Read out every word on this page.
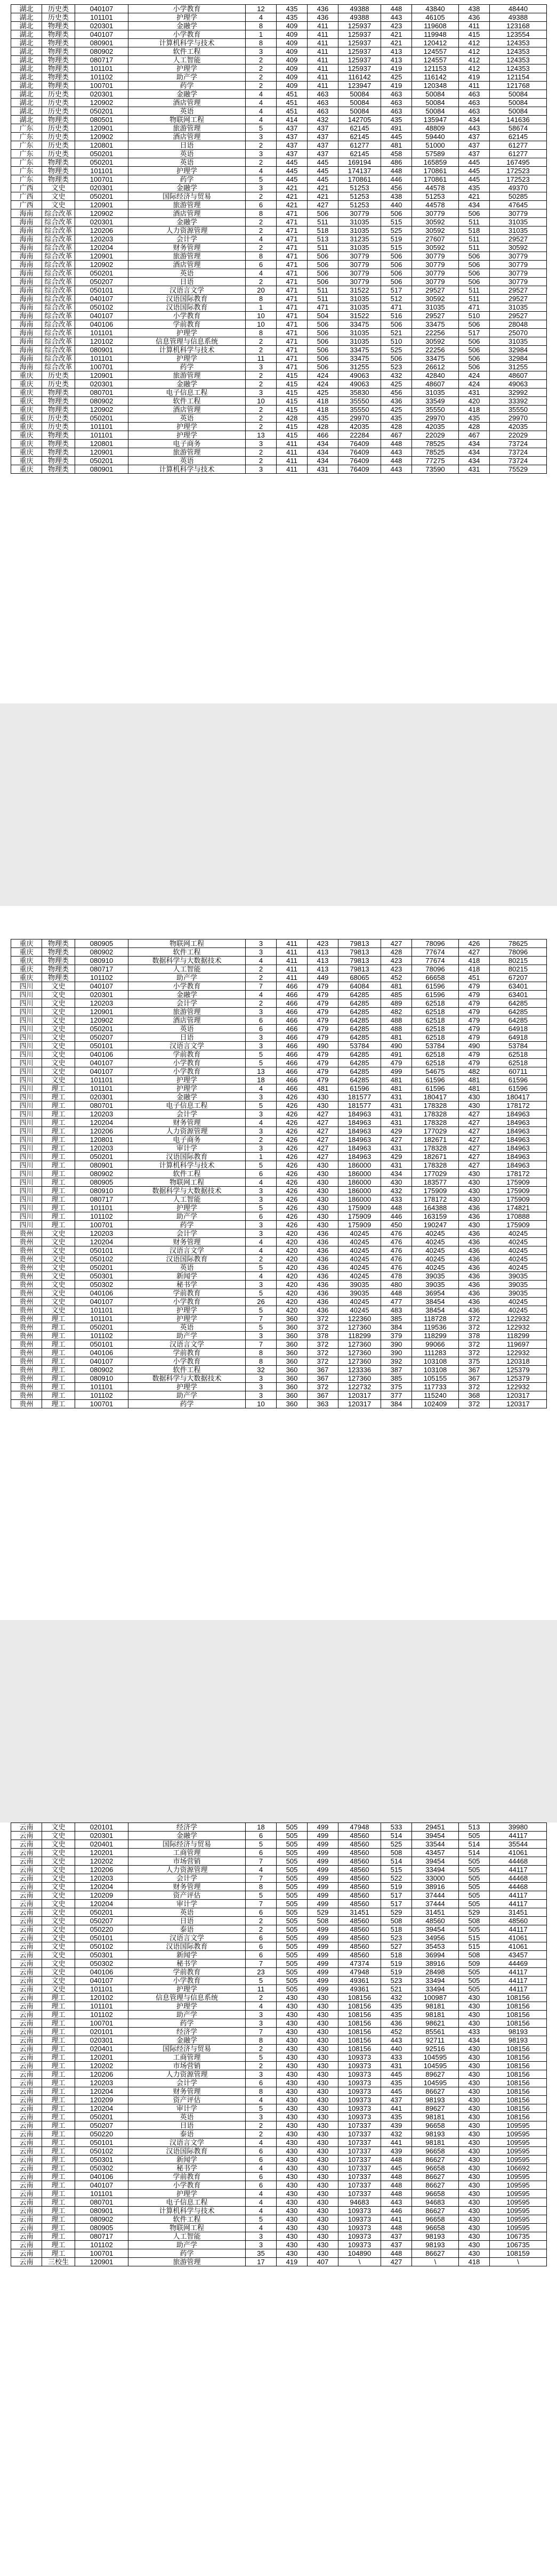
湖北	历史类	040107	小学教育	12	435	436	49388	448	43840	438	48440
湖北	历史类	101101	护理学	4	435	436	49388	443	46105	436	49388
湖北	物理类	020301	金融学	8	409	411	125937	423	119608	411	123168
湖北	物理类	040107	小学教育	1	409	411	125937	421	119948	415	123554
湖北	物理类	080901	计算机科学与技术	8	409	411	125937	421	120412	412	124353
湖北	物理类	080902	软件工程	3	409	411	125937	413	124557	412	124353
湖北	物理类	080717	人工智能	2	409	411	125937	413	124557	412	124353
湖北	物理类	101101	护理学	2	409	411	125937	419	121153	412	124353
湖北	物理类	101102	助产学	2	409	411	116142	425	116142	419	121154
湖北	物理类	100701	药学	2	409	411	123947	419	120348	411	121768
湖北	历史类	020301	金融学	4	451	463	50084	463	50084	463	50084
湖北	历史类	120902	酒店管理	4	451	463	50084	463	50084	463	50084
湖北	历史类	050201	英语	4	451	463	50084	463	50084	463	50084
湖北	物理类	080501	物联网工程	4	414	432	142705	435	135947	434	141636
广东	历史类	120901	旅游管理	5	437	437	62145	491	48809	443	58674
广东	历史类	120902	酒店管理	3	437	437	62145	445	59440	437	62145
广东	历史类	120801	日语	2	437	437	61277	481	51000	437	61277
广东	历史类	050201	英语	3	437	437	62145	458	57589	437	61277
广东	物理类	050201	英语	2	445	445	169194	486	165859	445	167495
广东	物理类	101101	护理学	4	445	445	174137	448	170861	445	172523
广东	物理类	100701	药学	5	445	445	170861	446	170861	445	172523
广西	文史	020301	金融学	3	421	421	51253	456	44578	435	49370
广西	文史	050201	国际经济与贸易	2	421	421	51253	438	51253	421	50285
广西	文史	120901	旅游管理	6	421	427	51253	440	44578	434	47645
海南	综合改革	120902	酒店管理	8	471	506	30779	506	30779	506	30779
海南	综合改革	020301	金融学	2	471	511	31035	515	30592	511	31035
海南	综合改革	120206	人力资源管理	2	471	518	31035	525	30592	518	31035
海南	综合改革	120203	会计学	4	471	513	31235	519	27607	511	29527
海南	综合改革	120204	财务管理	2	471	511	31035	515	30592	511	30592
海南	综合改革	120901	旅游管理	8	471	506	30779	506	30779	506	30779
海南	综合改革	120902	酒店管理	6	471	506	30779	506	30779	506	30779
海南	综合改革	050201	英语	4	471	506	30779	506	30779	506	30779
海南	综合改革	050207	日语	2	471	506	30779	506	30779	506	30779
海南	综合改革	050101	汉语言文学	20	471	511	31522	517	29527	511	29527
海南	综合改革	040107	汉语国际教育	8	471	511	31035	512	30592	511	29527
海南	综合改革	050102	汉语国际教育	1	471	471	31035	471	31035	471	31035
海南	综合改革	040107	小学教育	10	471	504	31522	516	29527	510	29527
海南	综合改革	040106	学前教育	10	471	506	33475	506	33475	506	28048
海南	综合改革	101101	护理学	8	471	506	31035	521	22256	517	25070
海南	综合改革	120102	信息管理与信息系统	2	471	506	31035	510	30592	506	31035
海南	综合改革	080901	计算机科学与技术	2	471	506	33475	525	22256	506	32984
海南	综合改革	101101	护理学	11	471	506	33475	506	33475	506	32984
海南	综合改革	100701	药学	3	471	506	31255	523	26612	506	31255
重庆	历史类	120901	旅游管理	2	415	424	49063	432	42840	424	48607
重庆	历史类	020301	金融学	2	415	424	49063	425	48607	424	49063
重庆	物理类	080701	电子信息工程	3	415	425	35830	456	31035	431	32992
重庆	物理类	080902	软件工程	10	415	418	35550	436	33549	420	33392
重庆	物理类	120902	酒店管理	2	415	418	35550	425	35550	418	35550
重庆	历史类	050201	英语	2	428	435	29970	435	29970	435	29970
重庆	历史类	101101	护理学	2	415	428	42035	428	42035	428	42035
重庆	物理类	101101	护理学	13	415	466	22284	467	22029	467	22029
重庆	物理类	120801	电子商务	3	411	434	76409	448	78525	434	73724
重庆	物理类	120901	旅游管理	2	411	434	76409	443	78525	434	73724
重庆	物理类	050201	英语	2	411	434	76409	448	77275	434	73724
重庆	物理类	080901	计算机科学与技术	3	411	431	76409	443	73590	431	75529
重庆	物理类	080905	物联网工程	3	411	423	79813	427	78096	426	78625
重庆	物理类	080902	软件工程	3	411	413	79813	428	77674	427	78096
重庆	物理类	080910	数据科学与大数据技术	4	411	413	79813	423	77674	418	80215
重庆	物理类	080717	人工智能	2	411	413	79813	423	78096	418	80215
重庆	物理类	101102	助产学	2	411	449	68065	452	66658	451	67207
四川	文史	040107	小学教育	7	466	479	64084	481	61596	479	63401
四川	文史	020301	金融学	4	466	479	64285	485	61596	479	63401
四川	文史	120203	会计学	2	466	479	64285	489	62518	479	64285
四川	文史	120901	旅游管理	3	466	479	64285	482	62518	479	64285
四川	文史	120902	酒店管理	6	466	479	64285	488	62518	479	64285
四川	文史	050201	英语	6	466	479	64285	488	62518	479	64918
四川	文史	050207	日语	3	466	479	64285	481	62518	479	64918
四川	文史	050101	汉语言文学	3	466	490	53784	490	53784	490	53784
四川	文史	040106	学前教育	5	466	479	64285	491	62518	479	62518
四川	文史	040107	小学教育	5	466	479	64285	479	62518	479	62518
四川	文史	040107	小学教育	13	466	479	64285	499	54675	482	60711
四川	文史	101101	护理学	18	466	479	64285	481	61596	481	61596
四川	理工	101101	护理学	4	466	481	61596	481	61596	481	61596
四川	理工	020301	金融学	3	426	430	181577	431	180417	430	180417
四川	理工	080701	电子信息工程	5	426	430	181577	431	178328	430	178172
四川	理工	120203	会计学	3	426	427	184963	431	178328	427	184963
四川	理工	120204	财务管理	4	426	427	184963	431	178328	427	184963
四川	理工	120206	人力资源管理	3	426	427	184963	429	177029	427	184963
四川	理工	120801	电子商务	2	426	427	184963	427	182671	427	184963
四川	理工	120203	审计学	3	426	427	184963	431	178328	427	184963
四川	理工	050201	汉语国际教育	1	426	427	184963	429	182671	427	184963
四川	理工	080901	计算机科学与技术	5	426	430	186000	431	178328	427	184963
四川	理工	080902	软件工程	6	426	430	186000	434	177029	430	178172
四川	理工	080905	物联网工程	4	426	430	186000	430	183577	430	175909
四川	理工	080910	数据科学与大数据技术	3	426	430	186000	432	175909	430	175909
四川	理工	080717	人工智能	3	426	430	186000	433	178172	430	175909
四川	理工	101101	护理学	5	426	430	175909	448	164388	436	174821
四川	理工	101102	助产学	6	426	430	175909	446	163159	436	170888
四川	理工	100701	药学	3	426	430	175909	450	190247	430	175909
贵州	文史	120203	会计学	3	420	436	40245	476	40245	436	40245
贵州	文史	120204	财务管理	4	420	436	40245	476	40245	436	40245
贵州	文史	050101	汉语言文学	4	420	436	40245	476	40245	436	40245
贵州	文史	050102	汉语国际教育	2	420	436	40245	476	40245	436	40245
贵州	文史	050201	英语	5	420	436	40245	476	40245	436	40245
贵州	文史	050301	新闻学	4	420	436	40245	478	39035	436	39035
贵州	文史	050302	秘书学	3	420	436	39035	480	39035	436	39035
贵州	文史	040106	学前教育	5	420	436	39035	448	36954	436	39035
贵州	文史	040107	小学教育	26	420	436	40245	477	38454	436	40245
贵州	文史	101101	护理学	5	420	436	40245	483	38454	436	40245
贵州	理工	101101	护理学	7	360	372	122360	385	118728	372	122932
贵州	理工	050201	英语	5	360	372	127360	384	119536	372	122932
贵州	理工	101102	助产学	3	360	378	118299	379	118299	378	118299
贵州	理工	050101	汉语言文学	7	360	372	127360	390	99066	372	119697
贵州	理工	040106	学前教育	8	360	372	127360	390	111283	372	122932
贵州	理工	040107	小学教育	8	360	372	127360	392	103108	375	120318
贵州	理工	080902	软件工程	32	360	367	123336	387	103108	367	125379
贵州	理工	080910	数据科学与大数据技术	3	360	367	127360	385	105155	367	125379
贵州	理工	101101	护理学	3	360	372	122732	375	117733	372	122932
贵州	理工	101102	助产学	3	360	367	120317	377	115240	368	120317
贵州	理工	100701	药学	10	360	363	120317	384	102409	372	120317
云南	文史	020101	经济学	18	505	499	47948	533	29451	513	39980
云南	文史	020301	金融学	6	505	499	48560	514	39454	505	44117
云南	文史	020401	国际经济与贸易	5	505	499	48560	525	33544	514	35544
云南	文史	120201	工商管理	6	505	499	48560	508	43457	514	41061
云南	文史	120202	市场营销	7	505	499	48560	514	39454	505	44468
云南	文史	120206	人力资源管理	4	505	499	48560	515	33494	505	44117
云南	文史	120203	会计学	7	505	499	48560	522	33000	505	44468
云南	文史	120204	财务管理	8	505	499	48560	519	38916	505	44468
云南	文史	120209	资产评估	5	505	499	48560	517	37444	505	44117
云南	文史	120204	审计学	7	505	499	48560	517	37444	505	44117
云南	文史	050201	英语	6	505	529	31451	529	31451	529	31451
云南	文史	050207	日语	2	505	508	48560	508	48560	508	48560
云南	文史	050220	泰语	2	505	499	48560	518	39454	505	44117
云南	文史	050101	汉语言文学	6	505	499	48560	523	34956	515	41061
云南	文史	050102	汉语国际教育	6	505	499	48560	527	35453	515	41061
云南	文史	050301	新闻学	6	505	499	48560	518	36994	508	43457
云南	文史	050302	秘书学	7	505	499	47374	519	38916	509	44469
云南	文史	040106	学前教育	23	505	499	47948	519	28498	505	44117
云南	文史	040107	小学教育	5	505	499	49361	523	33494	505	44117
云南	文史	101101	护理学	11	505	499	49361	521	33494	505	44117
云南	理工	120102	信息管理与信息系统	2	430	430	108156	432	100987	430	108156
云南	理工	101101	护理学	4	430	430	108156	435	98181	430	108156
云南	理工	101102	助产学	3	430	430	108156	435	98181	430	108156
云南	理工	100701	药学	3	430	430	108156	436	98621	430	108156
云南	理工	020101	经济学	7	430	430	108156	452	85561	433	98193
云南	理工	020301	金融学	8	430	430	108156	443	92711	434	98193
云南	理工	020401	国际经济与贸易	2	430	430	108156	440	92516	430	108156
云南	理工	120201	工商管理	5	430	430	109373	433	104595	430	108156
云南	理工	120202	市场营销	2	430	430	109373	431	104595	430	108156
云南	理工	120206	人力资源管理	3	430	430	109373	445	89627	430	108156
云南	理工	120203	会计学	6	430	430	109373	435	104595	430	108156
云南	理工	120204	财务管理	8	430	430	109373	445	86627	430	108156
云南	理工	120209	资产评估	4	430	430	109373	437	98193	430	108156
云南	理工	120204	审计学	5	430	430	109373	441	89627	430	108156
云南	理工	050201	英语	3	430	430	109373	435	98181	430	108156
云南	理工	050207	日语	2	430	430	107337	439	96658	430	109595
云南	理工	050220	泰语	2	430	430	107337	432	98193	430	109595
云南	理工	050101	汉语言文学	4	430	430	107337	441	98181	430	109595
云南	理工	050102	汉语国际教育	6	430	430	107337	439	96658	430	109595
云南	理工	050301	新闻学	6	430	430	107337	448	86627	430	109595
云南	理工	050302	秘书学	4	430	430	107337	445	96658	430	106692
云南	理工	040106	学前教育	6	430	430	107337	448	86627	430	109595
云南	理工	040107	小学教育	6	430	430	107337	448	86627	430	109595
云南	理工	101101	护理学	4	430	430	107337	448	96658	430	109595
云南	理工	080701	电子信息工程	4	430	430	94683	443	94683	430	109595
云南	理工	080901	计算机科学与技术	4	430	430	109373	446	86627	430	109595
云南	理工	080902	软件工程	5	430	430	109373	441	96658	430	109595
云南	理工	080905	物联网工程	4	430	430	109373	448	96658	430	109595
云南	理工	080717	人工智能	3	430	430	109373	437	98193	430	106735
云南	理工	101102	助产学	3	430	430	109373	437	98193	430	106735
云南	理工	100701	药学	35	430	430	104890	448	86627	430	108159
云南	三校生	120901	旅游管理	17	419	407	\	427	\	418	\
